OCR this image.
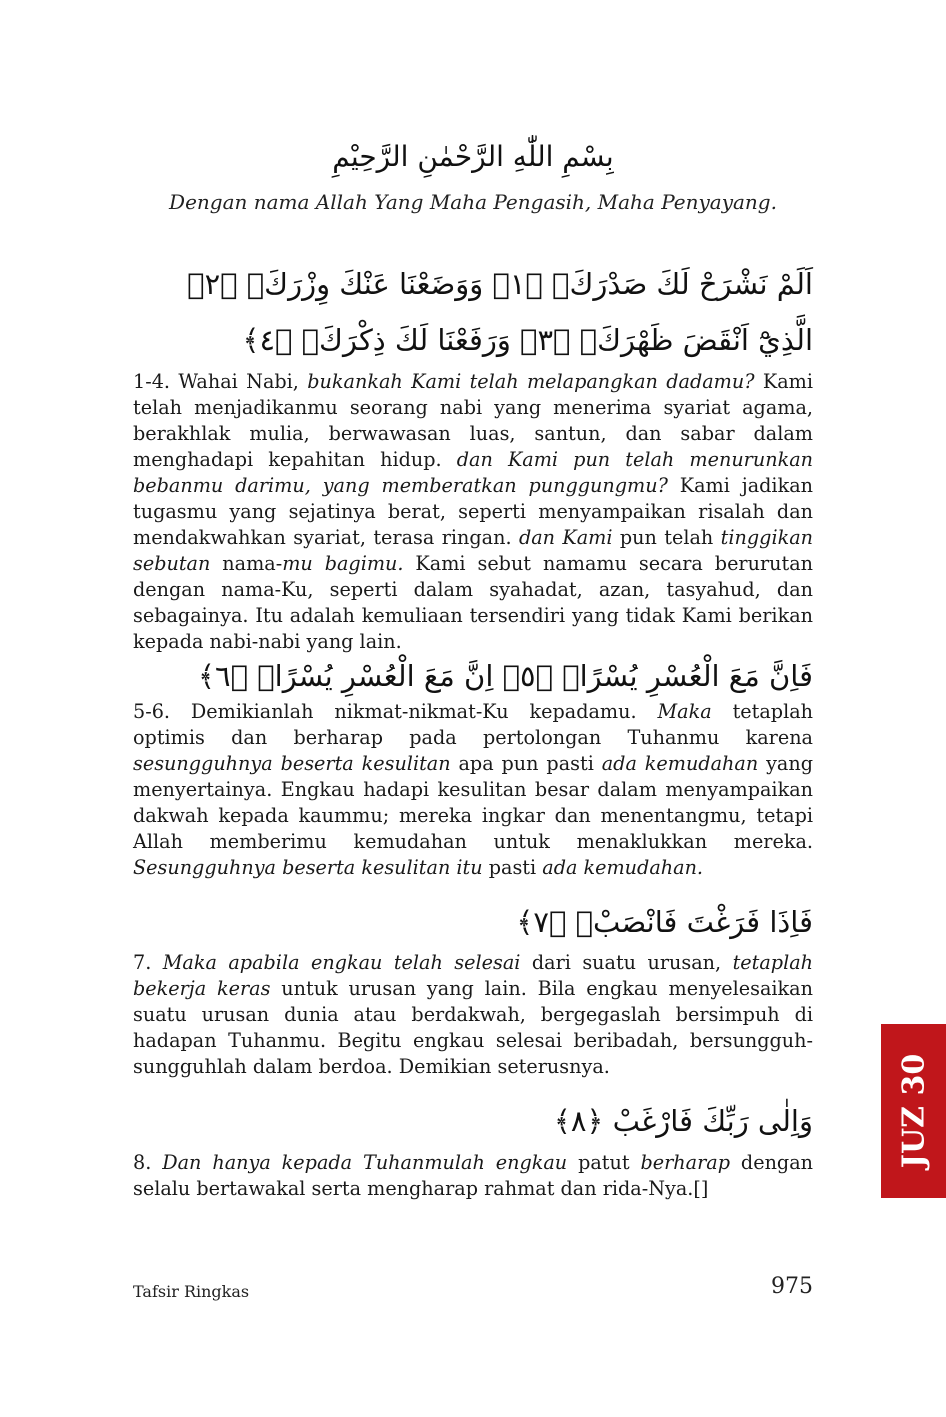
بِسْمِ اللّٰهِ الرَّحْمٰنِ الرَّحِيْمِ
Dengan nama Allah Yang Maha Pengasih, Maha Penyayang.
اَلَمْ نَشْرَحْ لَكَ صَدْرَكَۙ ﴿١﴾ وَوَضَعْنَا عَنْكَ وِزْرَكَۙ ﴿٢﴾ الَّذِيْٓ اَنْقَضَ ظَهْرَكَۙ ﴿٣﴾ وَرَفَعْنَا لَكَ ذِكْرَكَۗ ﴿٤﴾
1-4. Wahai Nabi, bukankah Kami telah melapangkan dadamu? Kami telah menjadikanmu seorang nabi yang menerima syariat agama, berakhlak mulia, berwawasan luas, santun, dan sabar dalam menghadapi kepahitan hidup. dan Kami pun telah menurunkan bebanmu darimu, yang memberatkan punggungmu? Kami jadikan tugasmu yang sejatinya berat, seperti menyampaikan risalah dan mendakwahkan syariat, terasa ringan. dan Kami pun telah tinggikan sebutan nama-mu bagimu. Kami sebut namamu secara berurutan dengan nama-Ku, seperti dalam syahadat, azan, tasyahud, dan sebagainya. Itu adalah kemuliaan tersendiri yang tidak Kami berikan kepada nabi-nabi yang lain.
فَاِنَّ مَعَ الْعُسْرِ يُسْرًاۙ ﴿٥﴾ اِنَّ مَعَ الْعُسْرِ يُسْرًاۗ ﴿٦﴾
5-6. Demikianlah nikmat-nikmat-Ku kepadamu. Maka tetaplah optimis dan berharap pada pertolongan Tuhanmu karena sesungguhnya beserta kesulitan apa pun pasti ada kemudahan yang menyertainya. Engkau hadapi kesulitan besar dalam menyampaikan dakwah kepada kaummu; mereka ingkar dan menentangmu, tetapi Allah memberimu kemudahan untuk menaklukkan mereka. Sesungguhnya beserta kesulitan itu pasti ada kemudahan.
فَاِذَا فَرَغْتَ فَانْصَبْۙ ﴿٧﴾
7. Maka apabila engkau telah selesai dari suatu urusan, tetaplah bekerja keras untuk urusan yang lain. Bila engkau menyelesaikan suatu urusan dunia atau berdakwah, bergegaslah bersimpuh di hadapan Tuhanmu. Begitu engkau selesai beribadah, bersungguh-sungguhlah dalam berdoa. Demikian seterusnya.
وَاِلٰى رَبِّكَ فَارْغَبْ ﴿٨﴾
8. Dan hanya kepada Tuhanmulah engkau patut berharap dengan selalu bertawakal serta mengharap rahmat dan rida-Nya.[]
Tafsir Ringkas	975
JUZ 30
